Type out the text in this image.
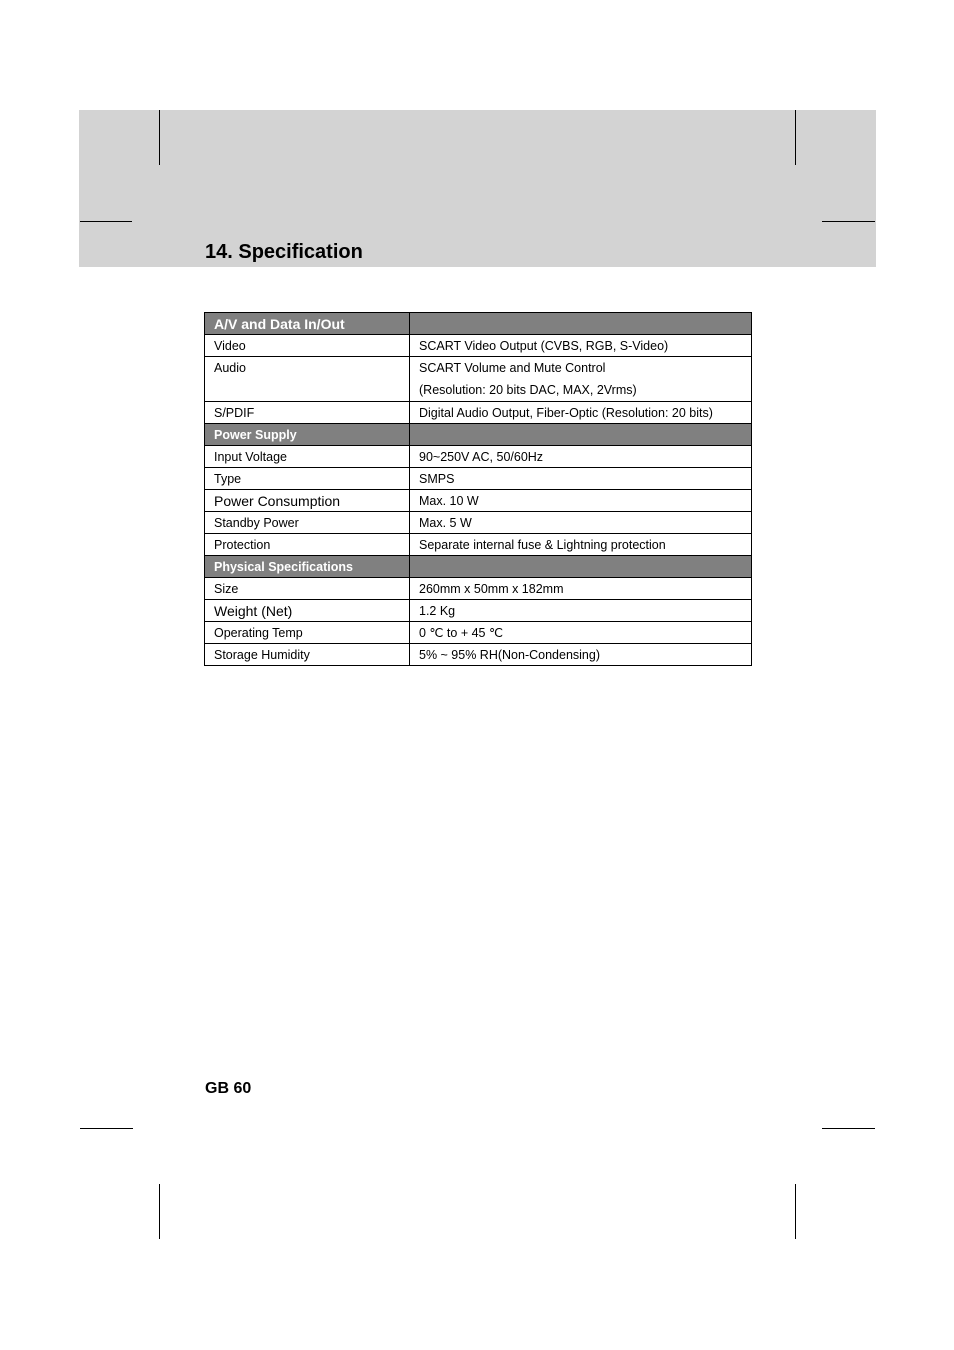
14. Specification
A/V and Data In/Out	
Video	SCART Video Output (CVBS, RGB, S-Video)
Audio	SCART Volume and Mute Control
(Resolution: 20 bits DAC, MAX, 2Vrms)

S/PDIF	Digital Audio Output, Fiber-Optic (Resolution: 20 bits)
Power Supply	
Input Voltage	90~250V AC, 50/60Hz
Type	SMPS
Power Consumption	Max. 10 W
Standby Power	Max. 5 W
Protection	Separate internal fuse & Lightning protection
Physical Specifications	
Size	260mm x 50mm x 182mm
Weight (Net)	1.2 Kg
Operating Temp	0 ℃ to + 45 ℃
Storage Humidity	5% ~ 95% RH(Non-Condensing)

GB 60
